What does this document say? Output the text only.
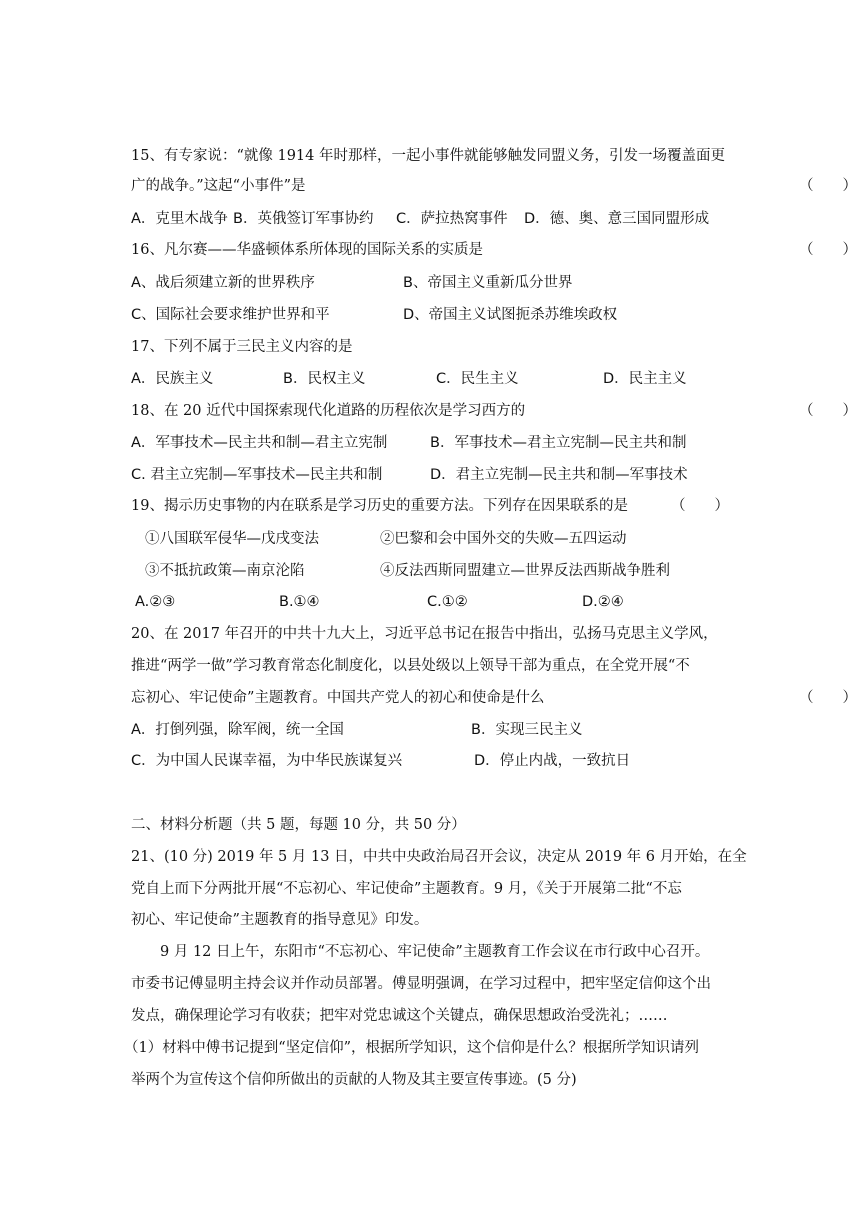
15、有专家说：“就像 1914 年时那样，一起小事件就能够触发同盟义务，引发一场覆盖面更
广的战争。”这起“小事件”是	（　　）
A．克里木战争 B．英俄签订军事协约 C．萨拉热窝事件 D．德、奥、意三国同盟形成
16、凡尔赛——华盛顿体系所体现的国际关系的实质是	（　　）
A、战后须建立新的世界秩序	B、帝国主义重新瓜分世界
C、国际社会要求维护世界和平	D、帝国主义试图扼杀苏维埃政权
17、下列不属于三民主义内容的是
A．民族主义	B．民权主义	C．民生主义	D．民主主义
18、在 20 近代中国探索现代化道路的历程依次是学习西方的	（　　）
A．军事技术—民主共和制—君主立宪制	B．军事技术—君主立宪制—民主共和制
C. 君主立宪制—军事技术—民主共和制	D．君主立宪制—民主共和制—军事技术
19、揭示历史事物的内在联系是学习历史的重要方法。下列存在因果联系的是	（　　）
①八国联军侵华—戊戌变法	②巴黎和会中国外交的失败—五四运动
③不抵抗政策—南京沦陷	④反法西斯同盟建立—世界反法西斯战争胜利
A.②③	B.①④	C.①②	D.②④
20、在 2017 年召开的中共十九大上，习近平总书记在报告中指出，弘扬马克思主义学风，
推进“两学一做”学习教育常态化制度化，以县处级以上领导干部为重点，在全党开展“不
忘初心、牢记使命”主题教育。中国共产党人的初心和使命是什么	（　　）
A．打倒列强，除军阀，统一全国	B．实现三民主义
C．为中国人民谋幸福，为中华民族谋复兴	D．停止内战，一致抗日
二、材料分析题（共 5 题，每题 10 分，共 50 分）
21、(10 分) 2019 年 5 月 13 日，中共中央政治局召开会议，决定从 2019 年 6 月开始，在全
党自上而下分两批开展“不忘初心、牢记使命”主题教育。9 月，《关于开展第二批“不忘
初心、牢记使命”主题教育的指导意见》印发。
9 月 12 日上午，东阳市“不忘初心、牢记使命”主题教育工作会议在市行政中心召开。
市委书记傅显明主持会议并作动员部署。傅显明强调，在学习过程中，把牢坚定信仰这个出
发点，确保理论学习有收获；把牢对党忠诚这个关键点，确保思想政治受洗礼；……
（1）材料中傅书记提到“坚定信仰”，根据所学知识，这个信仰是什么？根据所学知识请列
举两个为宣传这个信仰所做出的贡献的人物及其主要宣传事迹。(5 分)
